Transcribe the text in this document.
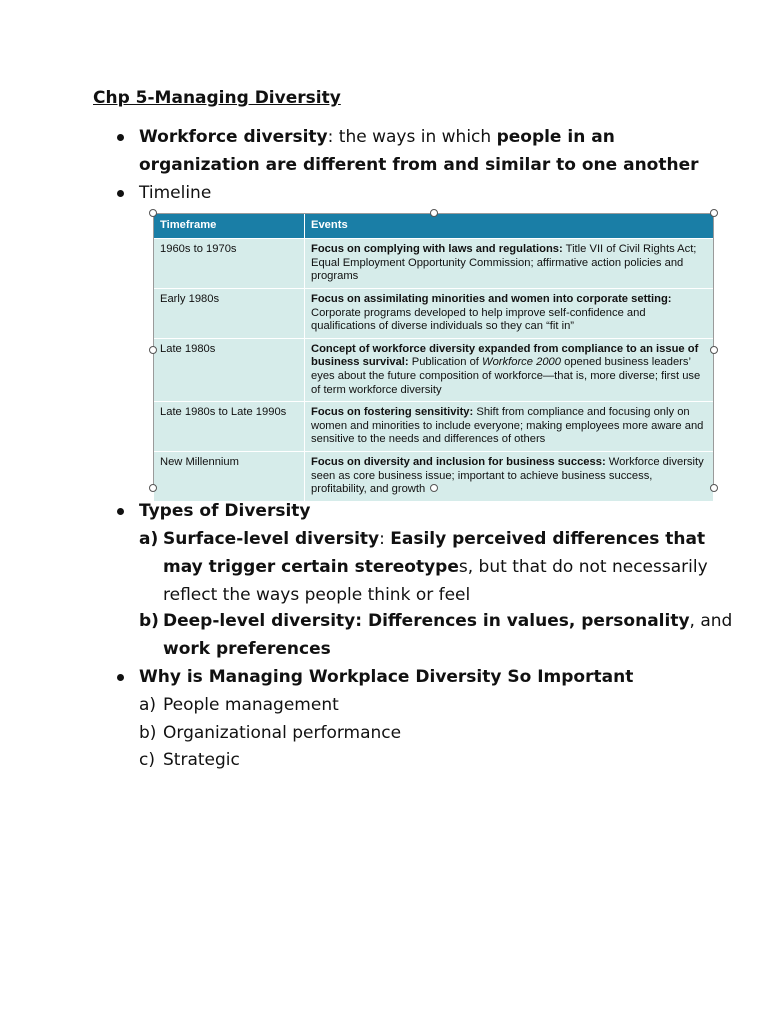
Chp 5-Managing Diversity
Workforce diversity: the ways in which people in an
organization are different from and similar to one another
Timeline
Timeframe	Events
1960s to 1970s	Focus on complying with laws and regulations: Title VII of Civil Rights Act; Equal Employment Opportunity Commission; affirmative action policies and programs
Early 1980s	Focus on assimilating minorities and women into corporate setting: Corporate programs developed to help improve self-confidence and qualifications of diverse individuals so they can “fit in”
Late 1980s	Concept of workforce diversity expanded from compliance to an issue of business survival: Publication of Workforce 2000 opened business leaders’ eyes about the future composition of workforce—that is, more diverse; first use of term workforce diversity
Late 1980s to Late 1990s	Focus on fostering sensitivity: Shift from compliance and focusing only on women and minorities to include everyone; making employees more aware and sensitive to the needs and differences of others
New Millennium	Focus on diversity and inclusion for business success: Workforce diversity seen as core business issue; important to achieve business success, profitability, and growth
Types of Diversity
a) Surface-level diversity: Easily perceived differences that
may trigger certain stereotypes, but that do not necessarily
reflect the ways people think or feel
b) Deep-level diversity: Differences in values, personality, and
work preferences
Why is Managing Workplace Diversity So Important
a) People management
b) Organizational performance
c) Strategic
